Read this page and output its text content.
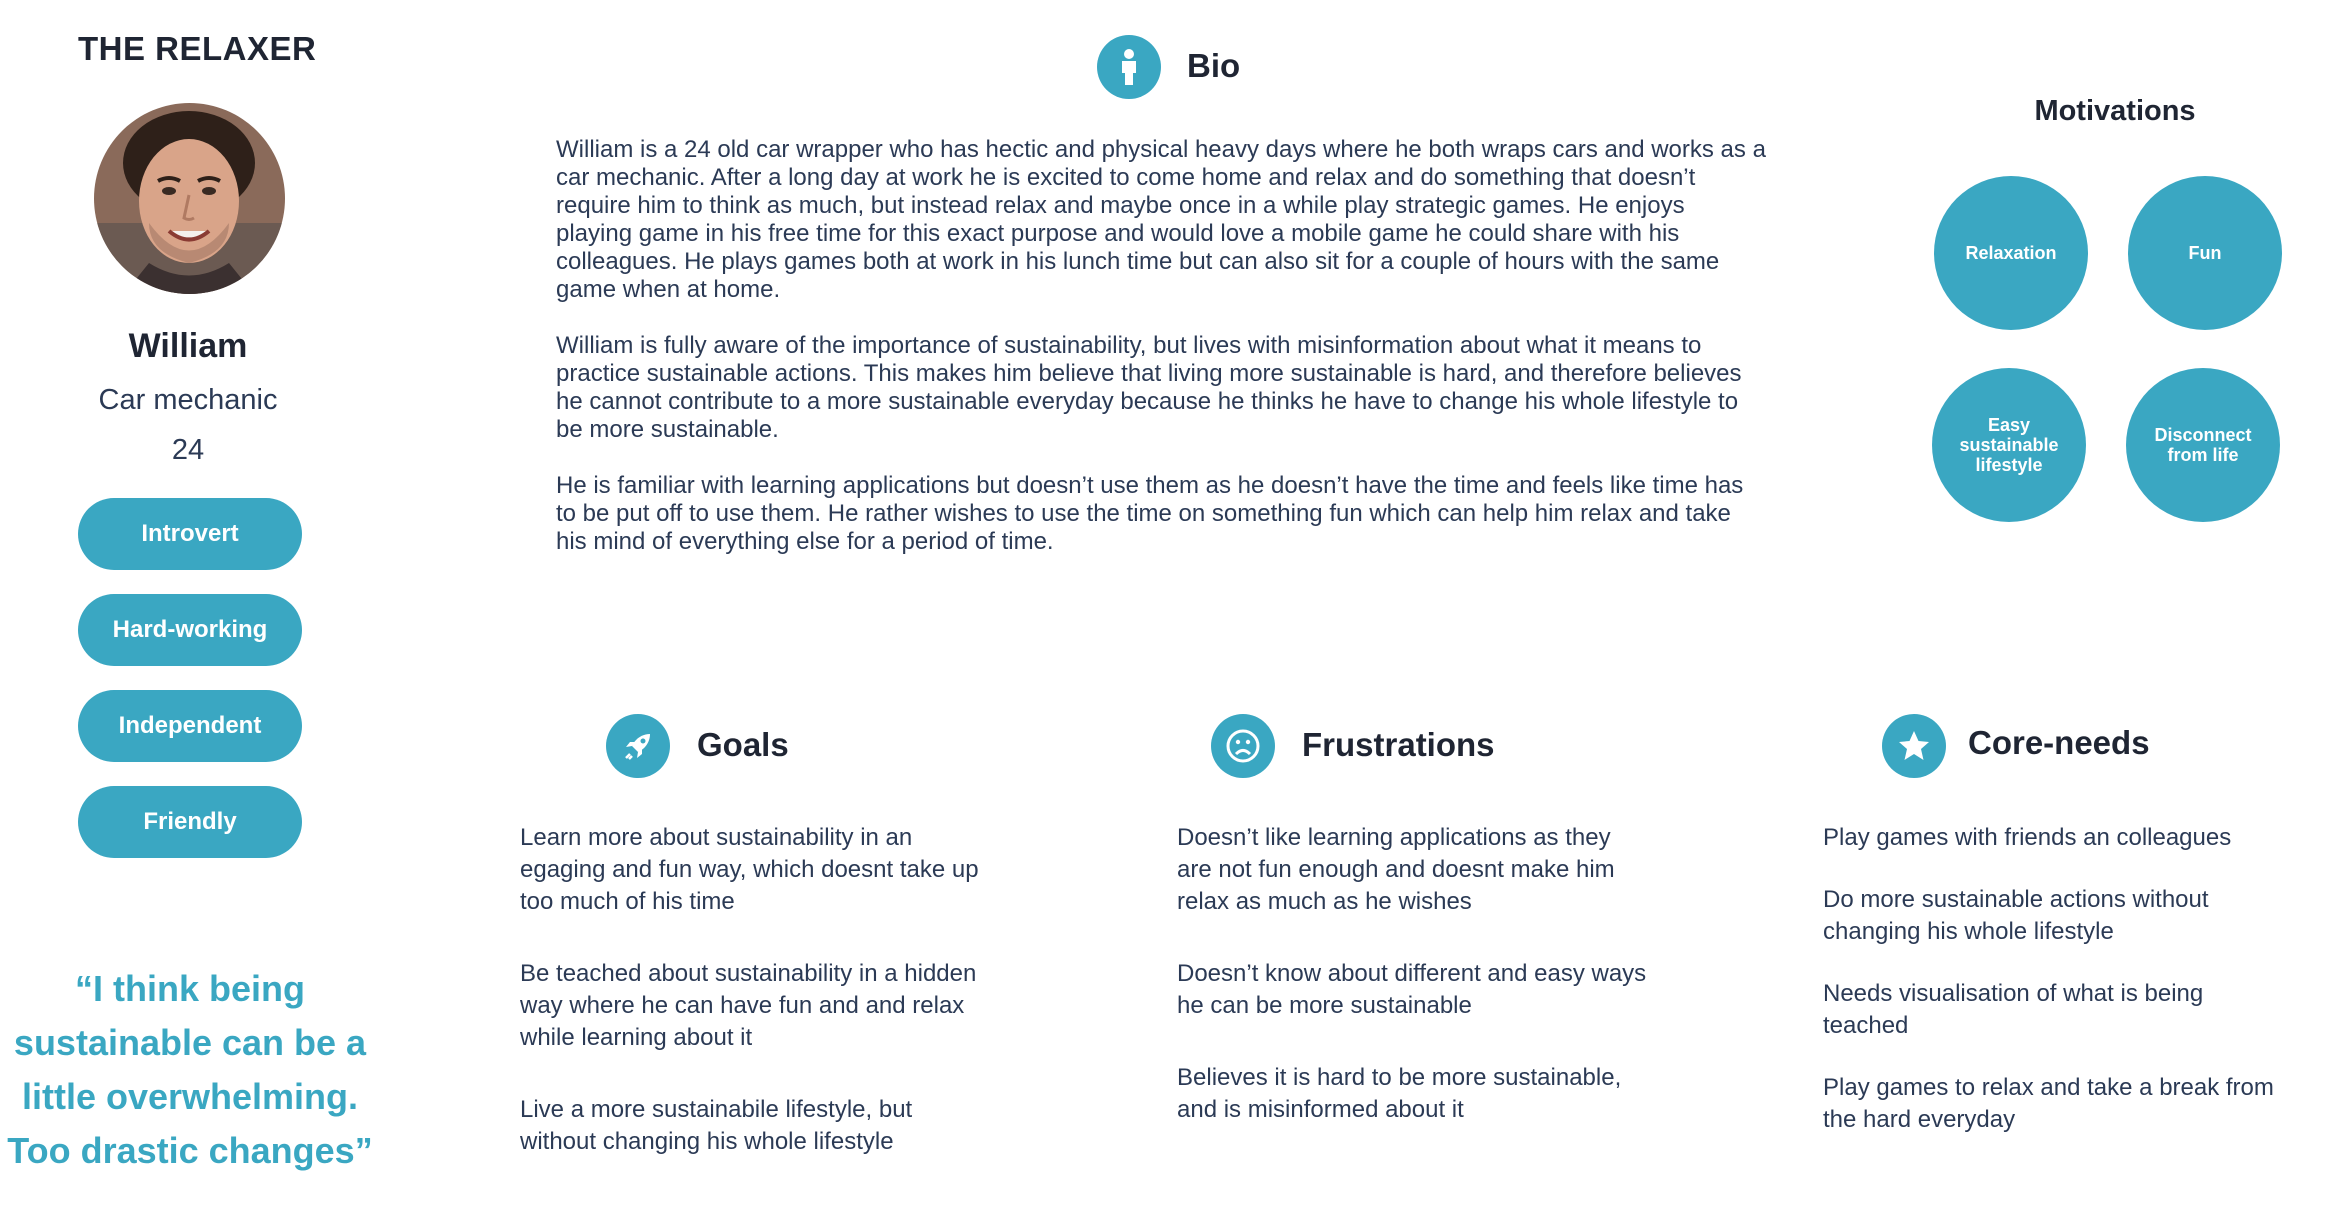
THE RELAXER
William
Car mechanic
24
Introvert
Hard-working
Independent
Friendly
“I think being sustainable can be a little overwhelming. Too drastic changes”
Bio

William is a 24 old car wrapper who has hectic and physical heavy days where he both wraps cars and works as a car mechanic. After a long day at work he is excited to come home and relax and do something that doesn’t require him to think as much, but instead relax and maybe once in a while play strategic games. He enjoys playing game in his free time for this exact purpose and would love a mobile game he could share with his colleagues. He plays games both at work in his lunch time but can also sit for a couple of hours with the same game when at home.

William is fully aware of the importance of sustainability, but lives with misinformation about what it means to practice sustainable actions. This makes him believe that living more sustainable is hard, and therefore believes he cannot contribute to a more sustainable everyday because he thinks he have to change his whole lifestyle to be more sustainable.

He is familiar with learning applications but doesn’t use them as he doesn’t have the time and feels like time has to be put off to use them. He rather wishes to use the time on something fun which can help him relax and take his mind of everything else for a period of time.

Motivations
Relaxation	Fun
Easy sustainable lifestyle
Disconnect from life
Goals
Learn more about sustainability in an egaging and fun way, which doesnt take up too much of his time
Be teached about sustainability in a hidden way where he can have fun and and relax while learning about it
Live a more sustainabile lifestyle, but without changing his whole lifestyle
Frustrations
Doesn’t like learning applications as they are not fun enough and doesnt make him relax as much as he wishes
Doesn’t know about different and easy ways he can be more sustainable
Believes it is hard to be more sustainable, and is misinformed about it
Core-needs
Play games with friends an colleagues
Do more sustainable actions without changing his whole lifestyle
Needs visualisation of what is being teached
Play games to relax and take a break from the hard everyday
